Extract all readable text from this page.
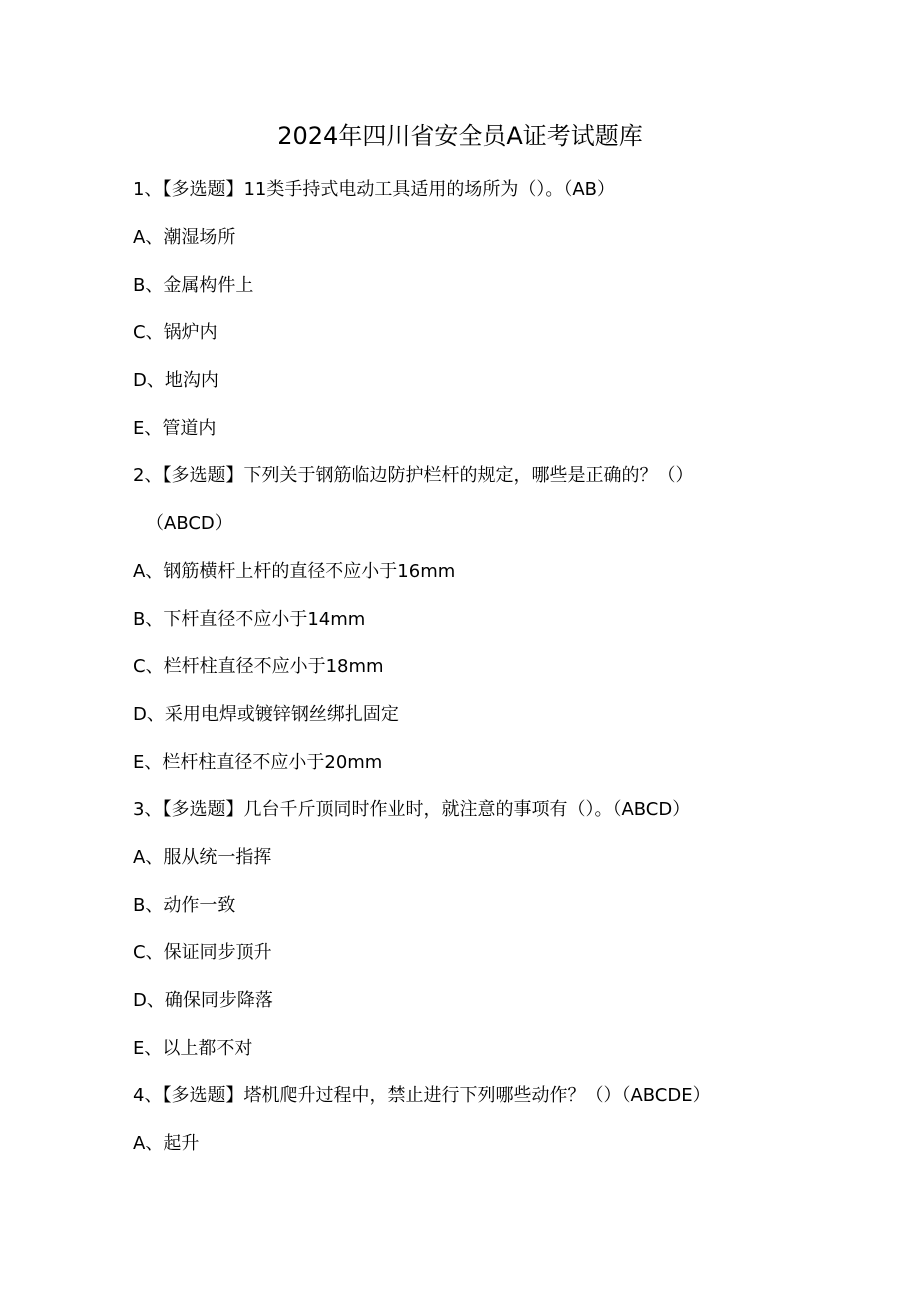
2024年四川省安全员A证考试题库
1、【多选题】11类手持式电动工具适用的场所为（）。（AB）
A、潮湿场所
B、金属构件上
C、锅炉内
D、地沟内
E、管道内
2、【多选题】下列关于钢筋临边防护栏杆的规定，哪些是正确的？（）
（ABCD）
A、钢筋横杆上杆的直径不应小于16mm
B、下杆直径不应小于14mm
C、栏杆柱直径不应小于18mm
D、采用电焊或镀锌钢丝绑扎固定
E、栏杆柱直径不应小于20mm
3、【多选题】几台千斤顶同时作业时，就注意的事项有（）。（ABCD）
A、服从统一指挥
B、动作一致
C、保证同步顶升
D、确保同步降落
E、以上都不对
4、【多选题】塔机爬升过程中，禁止进行下列哪些动作？（）（ABCDE）
A、起升
